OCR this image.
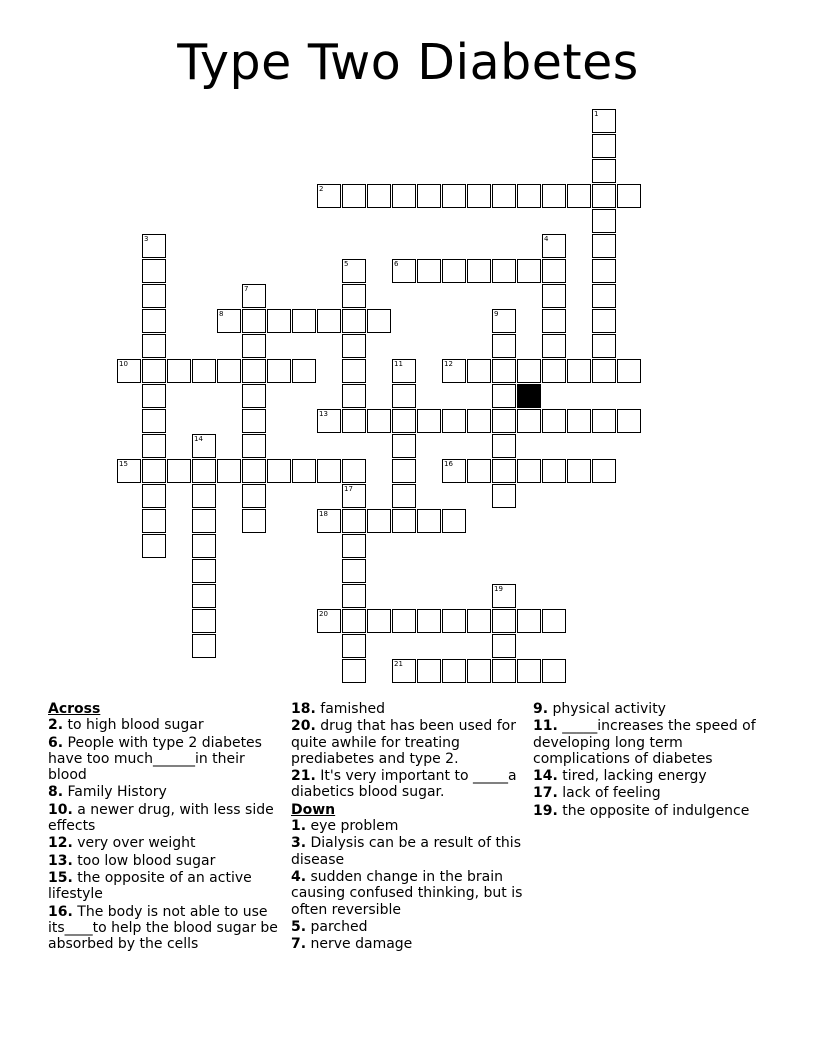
Type Two Diabetes
1
2
3	4
5	6
7
8	9
10	11	12
13
14
15	16
17
18
19
20
21
Across
2. to high blood sugar
6. People with type 2 diabetes have too much______in their blood
8. Family History
10. a newer drug, with less side effects
12. very over weight
13. too low blood sugar
15. the opposite of an active lifestyle
16. The body is not able to use its____to help the blood sugar be absorbed by the cells
18. famished
20. drug that has been used for quite awhile for treating prediabetes and type 2.
21. It's very important to _____a diabetics blood sugar.
Down
1. eye problem
3. Dialysis can be a result of this disease
4. sudden change in the brain causing confused thinking, but is often reversible
5. parched
7. nerve damage
9. physical activity
11. _____increases the speed of developing long term complications of diabetes
14. tired, lacking energy
17. lack of feeling
19. the opposite of indulgence
